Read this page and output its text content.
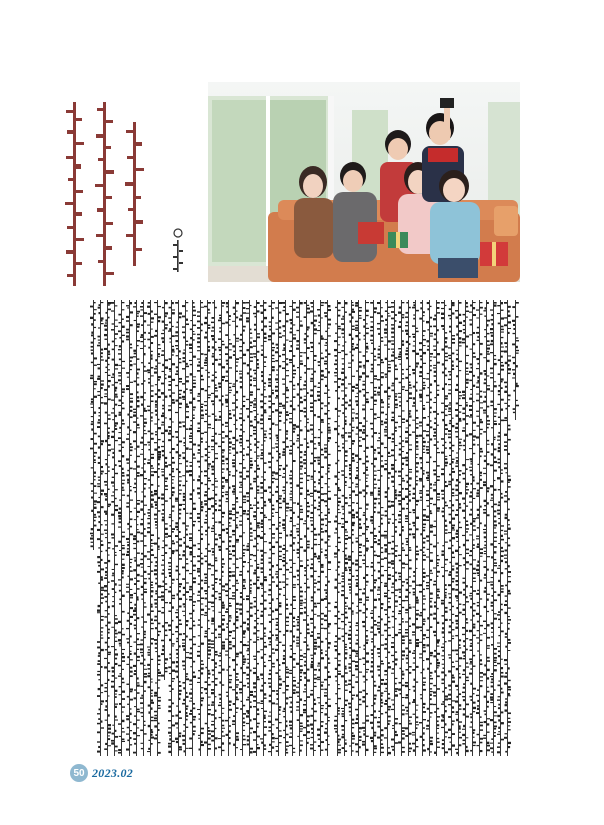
50 2023.02
